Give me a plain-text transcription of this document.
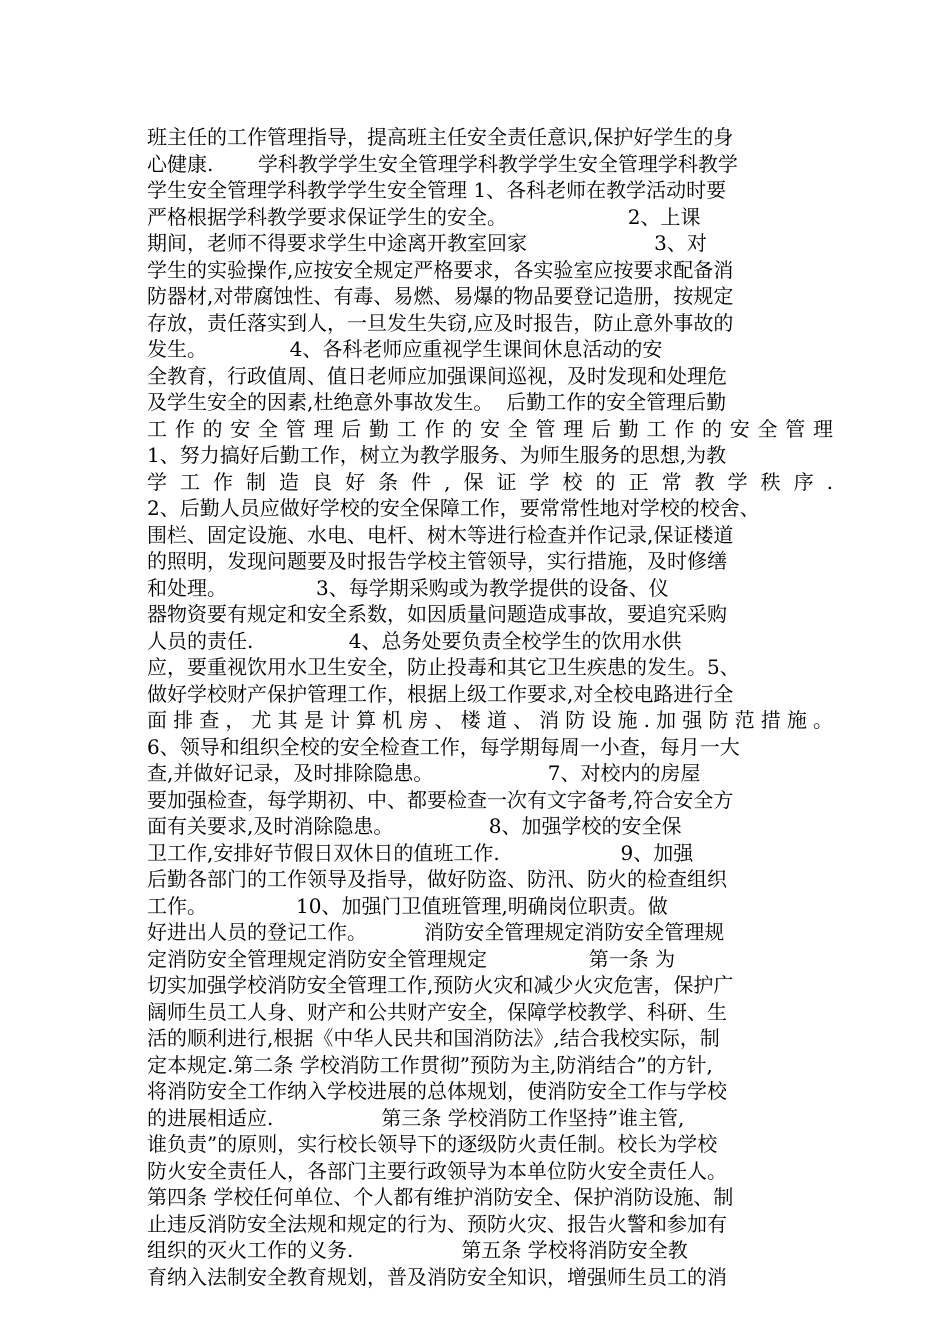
班主任的工作管理指导，提高班主任安全责任意识,保护好学生的身
心健康.       学科教学学生安全管理学科教学学生安全管理学科教学
学生安全管理学科教学学生安全管理 1、各科老师在教学活动时要
严格根据学科教学要求保证学生的安全。                   2、上课
期间，老师不得要求学生中途离开教室回家                    3、对
学生的实验操作,应按安全规定严格要求，各实验室应按要求配备消
防器材,对带腐蚀性、有毒、易燃、易爆的物品要登记造册，按规定
存放，责任落实到人，一旦发生失窃,应及时报告，防止意外事故的
发生。             4、各科老师应重视学生课间休息活动的安
全教育，行政值周、值日老师应加强课间巡视，及时发现和处理危
及学生安全的因素,杜绝意外事故发生。  后勤工作的安全管理后勤
工作的安全管理后勤工作的安全管理后勤工作的安全管理
1、努力搞好后勤工作，树立为教学服务、为师生服务的思想,为教
学工作制造良好条件,保证学校的正常教学秩序.
2、后勤人员应做好学校的安全保障工作，要常常性地对学校的校舍、
围栏、固定设施、水电、电杆、树木等进行检查并作记录,保证楼道
的照明，发现问题要及时报告学校主管领导，实行措施，及时修缮
和处理。              3、每学期采购或为教学提供的设备、仪
器物资要有规定和安全系数，如因质量问题造成事故，要追究采购
人员的责任.               4、总务处要负责全校学生的饮用水供
应，要重视饮用水卫生安全，防止投毒和其它卫生疾患的发生。5、
做好学校财产保护管理工作，根据上级工作要求,对全校电路进行全
面排查，尤其是计算机房、楼道、消防设施.加强防范措施。
6、领导和组织全校的安全检查工作，每学期每周一小查，每月一大
查,并做好记录，及时排除隐患。                  7、对校内的房屋
要加强检查，每学期初、中、都要检查一次有文字备考,符合安全方
面有关要求,及时消除隐患。               8、加强学校的安全保
卫工作,安排好节假日双休日的值班工作.                   9、加强
后勤各部门的工作领导及指导，做好防盗、防汛、防火的检查组织
工作。              10、加强门卫值班管理,明确岗位职责。做
好进出人员的登记工作。         消防安全管理规定消防安全管理规
定消防安全管理规定消防安全管理规定                第一条 为
切实加强学校消防安全管理工作,预防火灾和减少火灾危害，保护广
阔师生员工人身、财产和公共财产安全，保障学校教学、科研、生
活的顺利进行,根据《中华人民共和国消防法》,结合我校实际，制
定本规定.第二条 学校消防工作贯彻”预防为主,防消结合”的方针,
将消防安全工作纳入学校进展的总体规划，使消防安全工作与学校
的进展相适应.                 第三条 学校消防工作坚持”谁主管,
谁负责”的原则，实行校长领导下的逐级防火责任制。校长为学校
防火安全责任人，各部门主要行政领导为本单位防火安全责任人。
第四条 学校任何单位、个人都有维护消防安全、保护消防设施、制
止违反消防安全法规和规定的行为、预防火灾、报告火警和参加有
组织的灭火工作的义务.                 第五条 学校将消防安全教
育纳入法制安全教育规划，普及消防安全知识，增强师生员工的消
